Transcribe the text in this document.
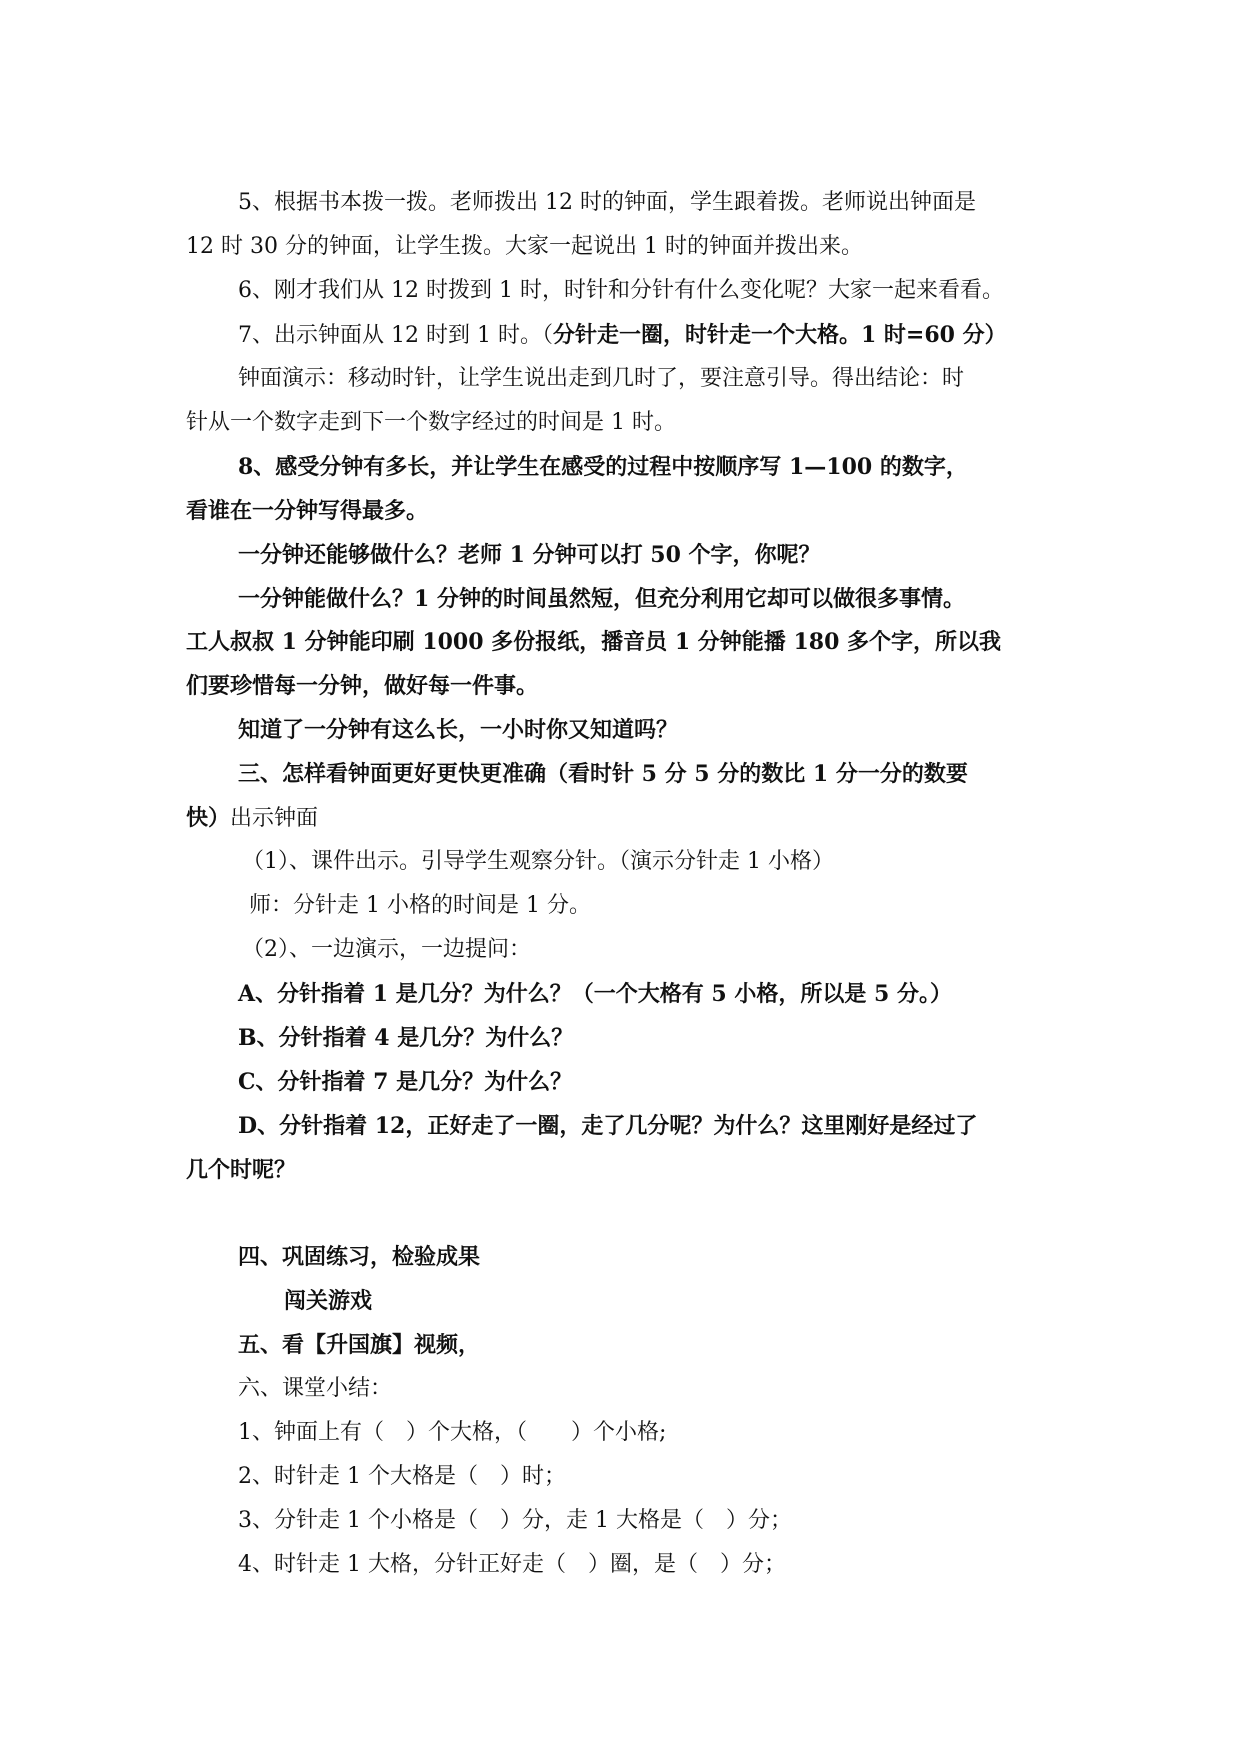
5、根据书本拨一拨。老师拨出 12 时的钟面，学生跟着拨。老师说出钟面是
12 时 30 分的钟面，让学生拨。大家一起说出 1 时的钟面并拨出来。
6、刚才我们从 12 时拨到 1 时，时针和分针有什么变化呢？大家一起来看看。
7、出示钟面从 12 时到 1 时。（分针走一圈，时针走一个大格。1 时=60 分）
钟面演示：移动时针，让学生说出走到几时了，要注意引导。得出结论：时
针从一个数字走到下一个数字经过的时间是 1 时。
8、感受分钟有多长，并让学生在感受的过程中按顺序写 1—100 的数字，
看谁在一分钟写得最多。
一分钟还能够做什么？老师 1 分钟可以打 50 个字，你呢？
一分钟能做什么？1 分钟的时间虽然短，但充分利用它却可以做很多事情。
工人叔叔 1 分钟能印刷 1000 多份报纸，播音员 1 分钟能播 180 多个字，所以我
们要珍惜每一分钟，做好每一件事。
知道了一分钟有这么长，一小时你又知道吗？
三、怎样看钟面更好更快更准确（看时针 5 分 5 分的数比 1 分一分的数要
快）出示钟面
（1）、课件出示。引导学生观察分针。（演示分针走 1 小格）
师：分针走 1 小格的时间是 1 分。
（2）、一边演示，一边提问：
A、分针指着 1 是几分？为什么？（一个大格有 5 小格，所以是 5 分。）
B、分针指着 4 是几分？为什么？
C、分针指着 7 是几分？为什么？
D、分针指着 12，正好走了一圈，走了几分呢？为什么？这里刚好是经过了
几个时呢？
四、巩固练习，检验成果
闯关游戏
五、看【升国旗】视频，
六、课堂小结：
1、钟面上有（　）个大格，（　　）个小格;
2、时针走 1 个大格是（　）时；
3、分针走 1 个小格是（　）分，走 1 大格是（　）分；
4、时针走 1 大格，分针正好走（　）圈，是（　）分；
